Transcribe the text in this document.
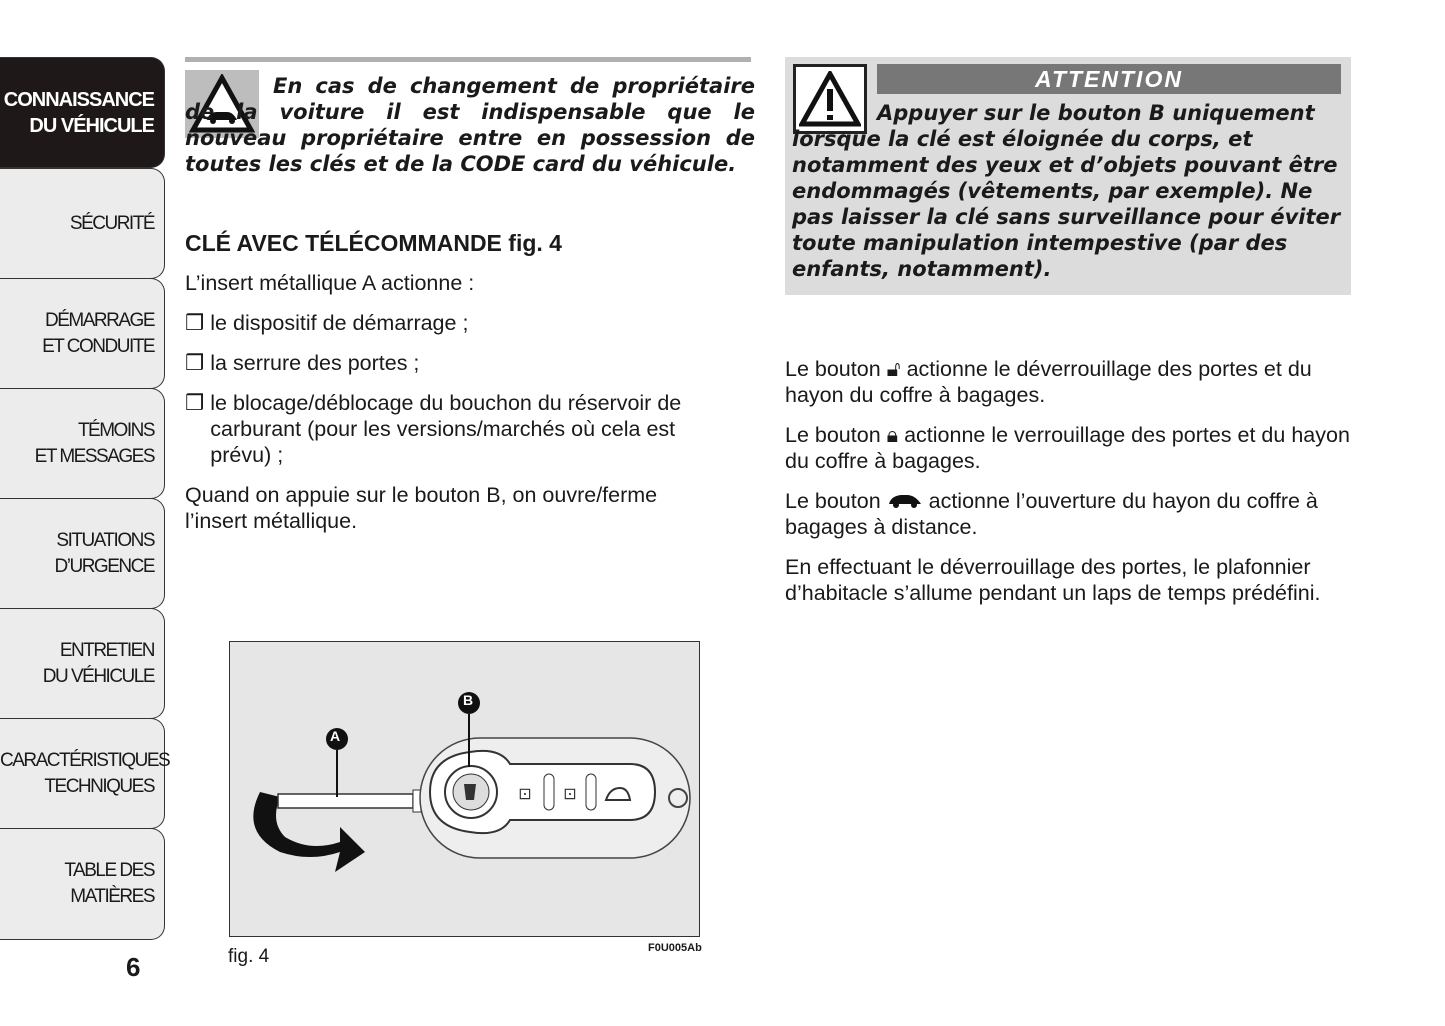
CONNAISSANCE
DU VÉHICULE
SÉCURITÉ
DÉMARRAGE
ET CONDUITE
TÉMOINS
ET MESSAGES
SITUATIONS
D’URGENCE
ENTRETIEN
DU VÉHICULE
CARACTÉRISTIQUES
TECHNIQUES
TABLE DES
MATIÈRES
6
En cas de changement de propriétaire de la voiture il est indispensable que le nouveau propriétaire entre en possession de toutes les clés et de la CODE card du véhicule.

CLÉ AVEC TÉLÉCOMMANDE fig. 4

L’insert métallique A actionne :

❒ le dispositif de démarrage ;
❒ la serrure des portes ;
❒ le blocage/déblocage du bouchon du réservoir de carburant (pour les versions/marchés où cela est prévu) ;

Quand on appuie sur le bouton B, on ouvre/ferme l’insert métallique.

⊡ ⊡
A
B
fig. 4	F0U005Ab
ATTENTION
Appuyer sur le bouton B uniquement lorsque la clé est éloignée du corps, et notamment des yeux et d’objets pouvant être endommagés (vêtements, par exemple). Ne pas laisser la clé sans surveillance pour éviter toute manipulation intempestive (par des enfants, notamment).

Le bouton 🔓︎ actionne le déverrouillage des portes et du hayon du coffre à bagages.

Le bouton 🔒︎ actionne le verrouillage des portes et du hayon du coffre à bagages.

Le bouton actionne l’ouverture du hayon du coffre à bagages à distance.

En effectuant le déverrouillage des portes, le plafonnier d’habitacle s’allume pendant un laps de temps prédéfini.
